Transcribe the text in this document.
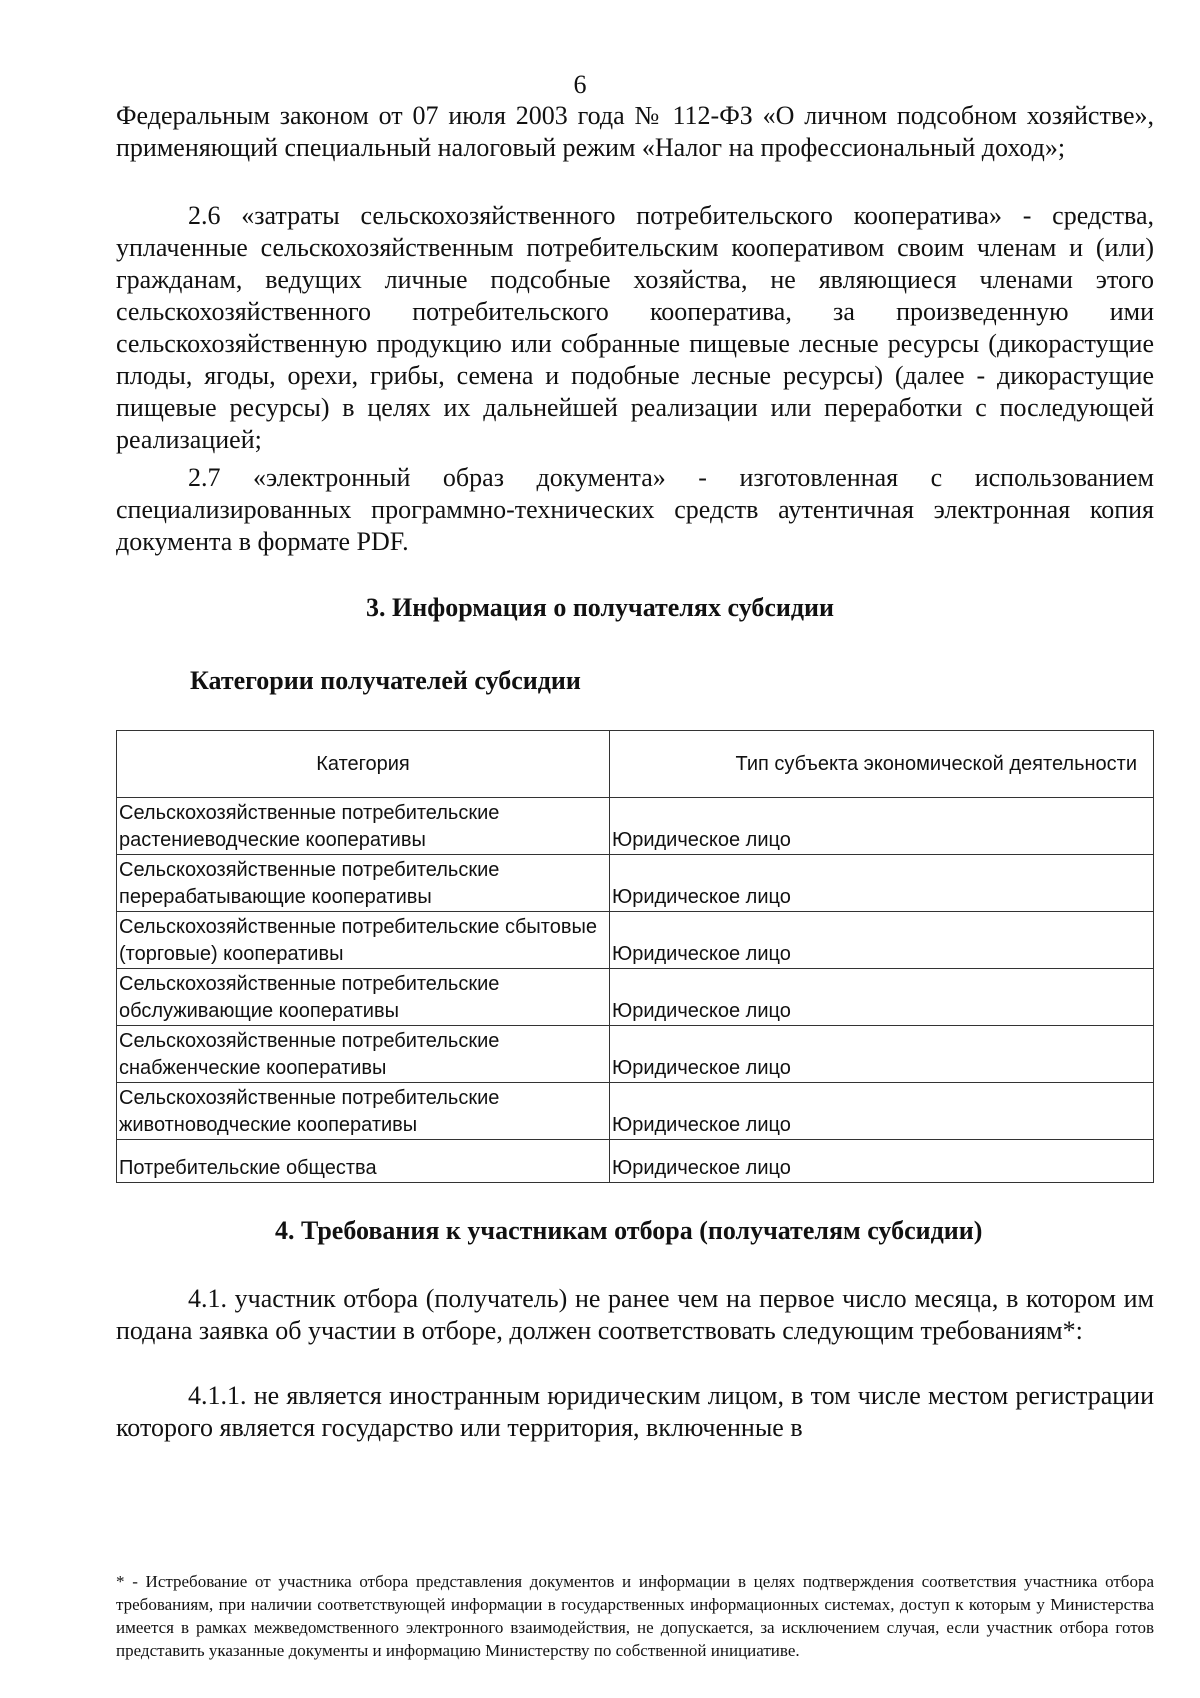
6

Федеральным законом от 07 июля 2003 года № 112-ФЗ «О личном подсобном хозяйстве», применяющий специальный налоговый режим «Налог на профессиональный доход»;

2.6 «затраты сельскохозяйственного потребительского кооператива» - средства, уплаченные сельскохозяйственным потребительским кооперативом своим членам и (или) гражданам, ведущих личные подсобные хозяйства, не являющиеся членами этого сельскохозяйственного потребительского кооператива, за произведенную ими сельскохозяйственную продукцию или собранные пищевые лесные ресурсы (дикорастущие плоды, ягоды, орехи, грибы, семена и подобные лесные ресурсы) (далее - дикорастущие пищевые ресурсы) в целях их дальнейшей реализации или переработки с последующей реализацией;

2.7 «электронный образ документа» - изготовленная с использованием специализированных программно-технических средств аутентичная электронная копия документа в формате PDF.

3. Информация о получателях субсидии
Категории получателей субсидии
Категория	Тип субъекта экономической деятельности
Сельскохозяйственные потребительские растениеводческие кооперативы	Юридическое лицо
Сельскохозяйственные потребительские перерабатывающие кооперативы	Юридическое лицо
Сельскохозяйственные потребительские сбытовые (торговые) кооперативы	Юридическое лицо
Сельскохозяйственные потребительские обслуживающие кооперативы	Юридическое лицо
Сельскохозяйственные потребительские снабженческие кооперативы	Юридическое лицо
Сельскохозяйственные потребительские животноводческие кооперативы	Юридическое лицо
Потребительские общества	Юридическое лицо
4. Требования к участникам отбора (получателям субсидии)

4.1. участник отбора (получатель) не ранее чем на первое число месяца, в котором им подана заявка об участии в отборе, должен соответствовать следующим требованиям*:

4.1.1. не является иностранным юридическим лицом, в том числе местом регистрации которого является государство или территория, включенные в

* - Истребование от участника отбора представления документов и информации в целях подтверждения соответствия участника отбора требованиям, при наличии соответствующей информации в государственных информационных системах, доступ к которым у Министерства имеется в рамках межведомственного электронного взаимодействия, не допускается, за исключением случая, если участник отбора готов представить указанные документы и информацию Министерству по собственной инициативе.
